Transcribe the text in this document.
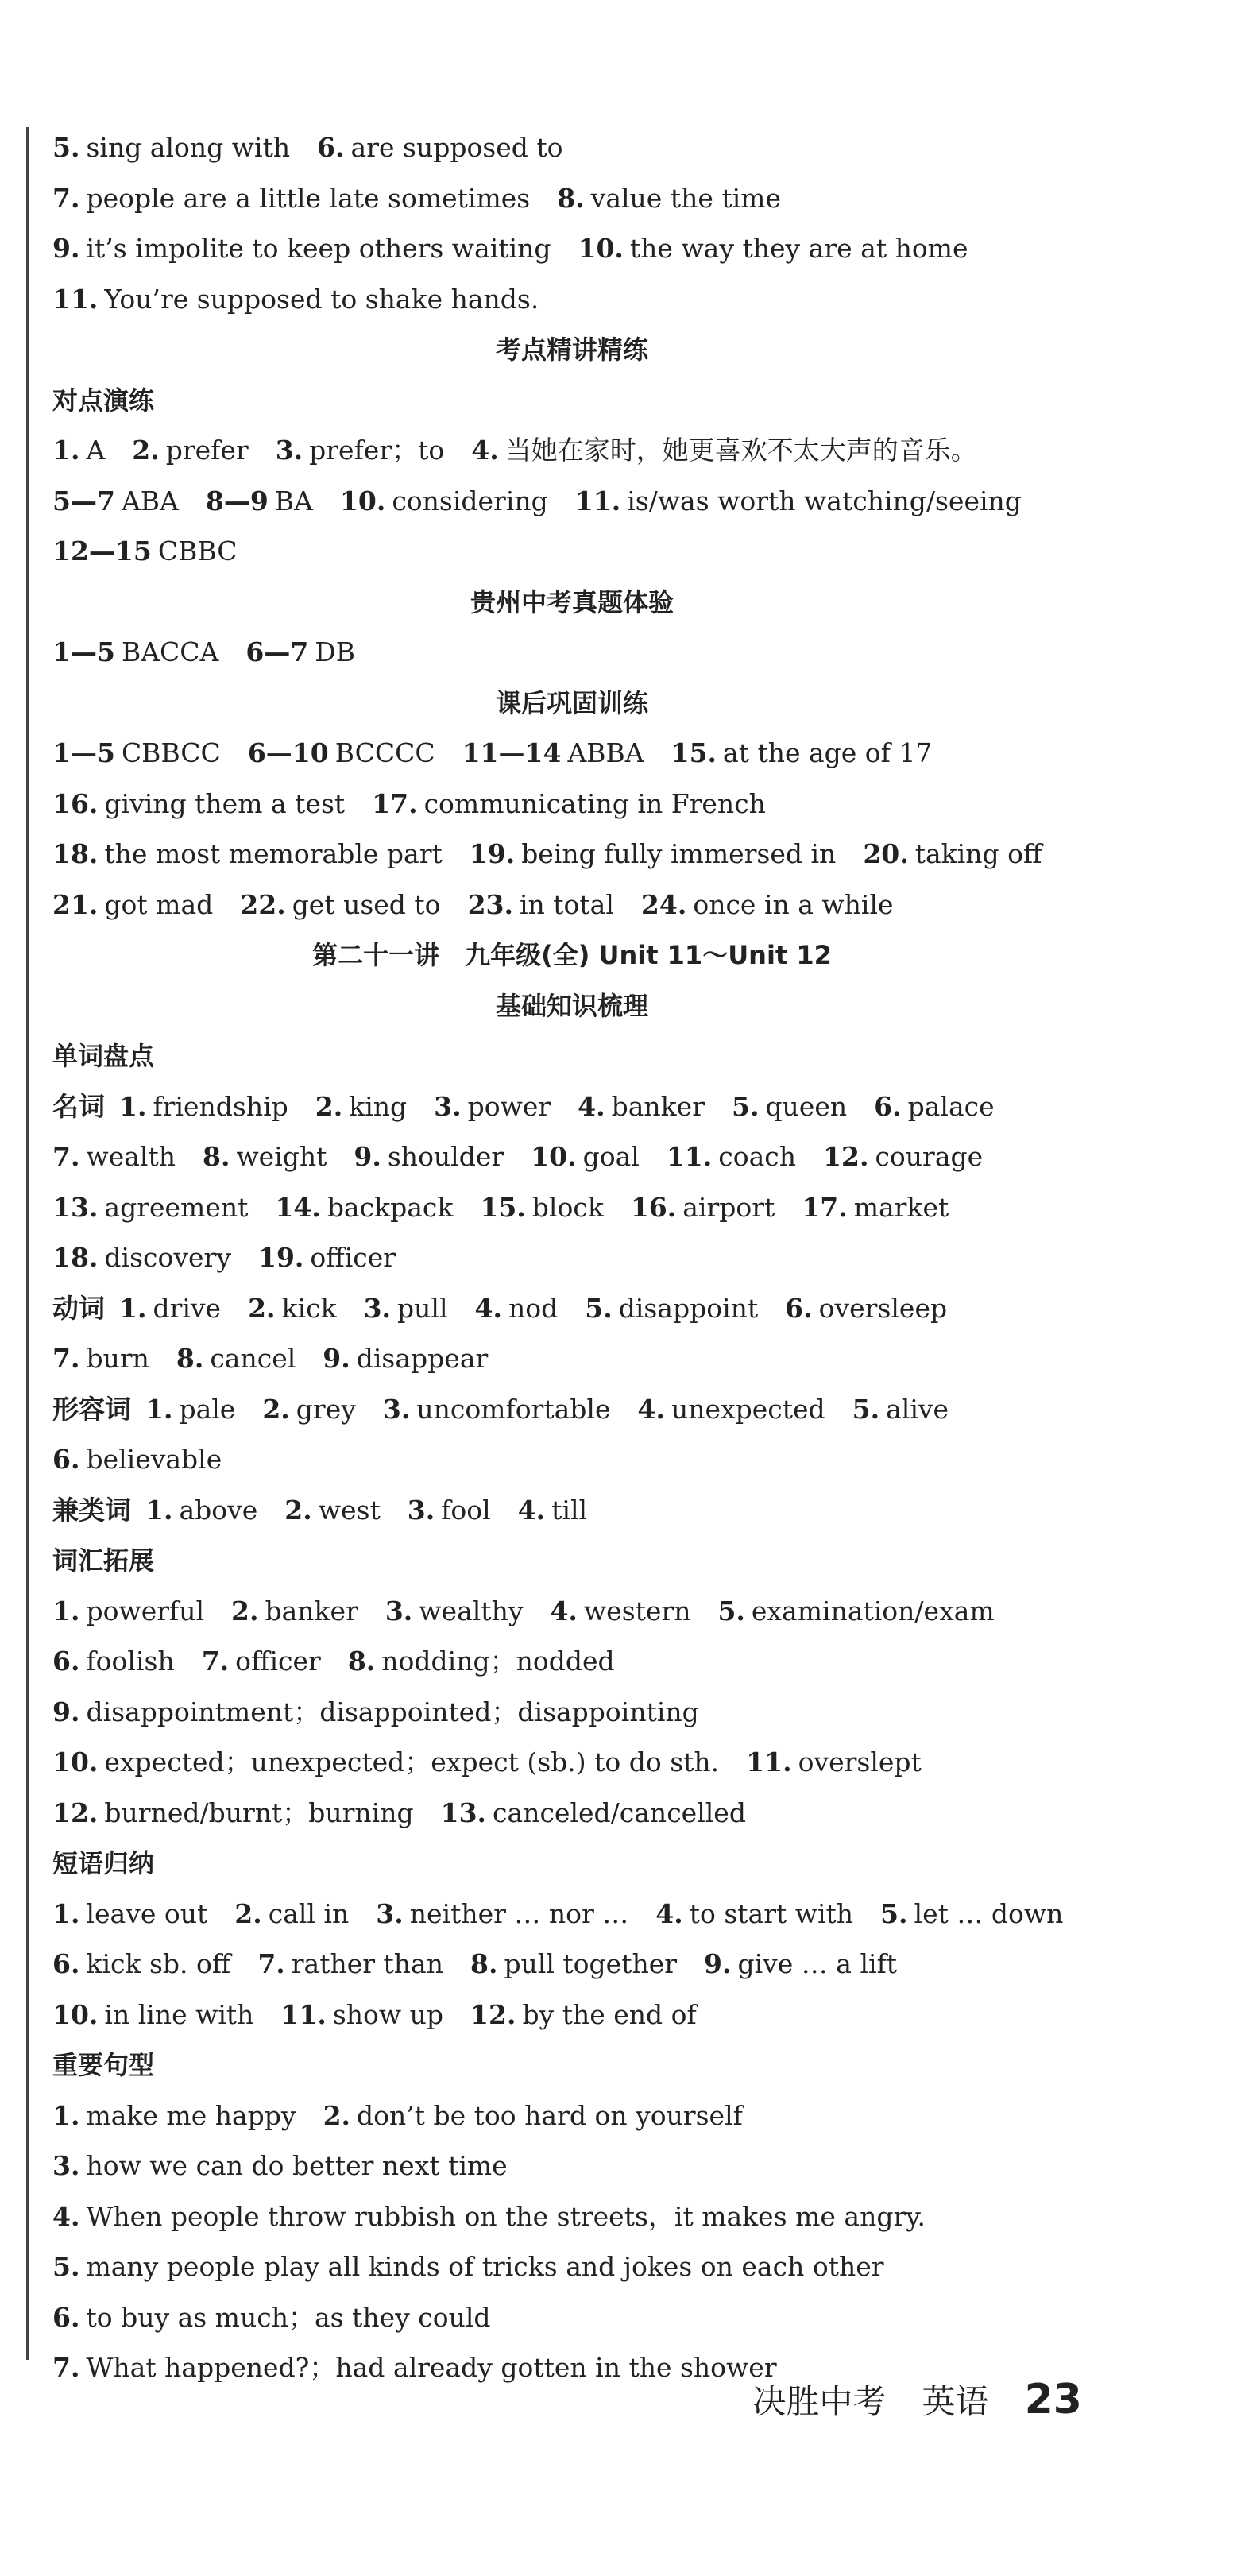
5. sing along with 6. are supposed to
7. people are a little late sometimes 8. value the time
9. it’s impolite to keep others waiting 10. the way they are at home
11. You’re supposed to shake hands.
考点精讲精练
对点演练
1. A 2. prefer 3. prefer；to 4. 当她在家时，她更喜欢不太大声的音乐。
5—7 ABA 8—9 BA 10. considering 11. is/was worth watching/seeing
12—15 CBBC
贵州中考真题体验
1—5 BACCA 6—7 DB
课后巩固训练
1—5 CBBCC 6—10 BCCCC 11—14 ABBA 15. at the age of 17
16. giving them a test 17. communicating in French
18. the most memorable part 19. being fully immersed in 20. taking off
21. got mad 22. get used to 23. in total 24. once in a while
第二十一讲　九年级(全) Unit 11～Unit 12
基础知识梳理
单词盘点
名词 1. friendship 2. king 3. power 4. banker 5. queen 6. palace
7. wealth 8. weight 9. shoulder 10. goal 11. coach 12. courage
13. agreement 14. backpack 15. block 16. airport 17. market
18. discovery 19. officer
动词 1. drive 2. kick 3. pull 4. nod 5. disappoint 6. oversleep
7. burn 8. cancel 9. disappear
形容词 1. pale 2. grey 3. uncomfortable 4. unexpected 5. alive
6. believable
兼类词 1. above 2. west 3. fool 4. till
词汇拓展
1. powerful 2. banker 3. wealthy 4. western 5. examination/exam
6. foolish 7. officer 8. nodding；nodded
9. disappointment；disappointed；disappointing
10. expected；unexpected；expect (sb.) to do sth. 11. overslept
12. burned/burnt；burning 13. canceled/cancelled
短语归纳
1. leave out 2. call in 3. neither … nor … 4. to start with 5. let … down
6. kick sb. off 7. rather than 8. pull together 9. give … a lift
10. in line with 11. show up 12. by the end of
重要句型
1. make me happy 2. don’t be too hard on yourself
3. how we can do better next time
4. When people throw rubbish on the streets，it makes me angry.
5. many people play all kinds of tricks and jokes on each other
6. to buy as much；as they could
7. What happened?；had already gotten in the shower
决胜中考 英语 23
